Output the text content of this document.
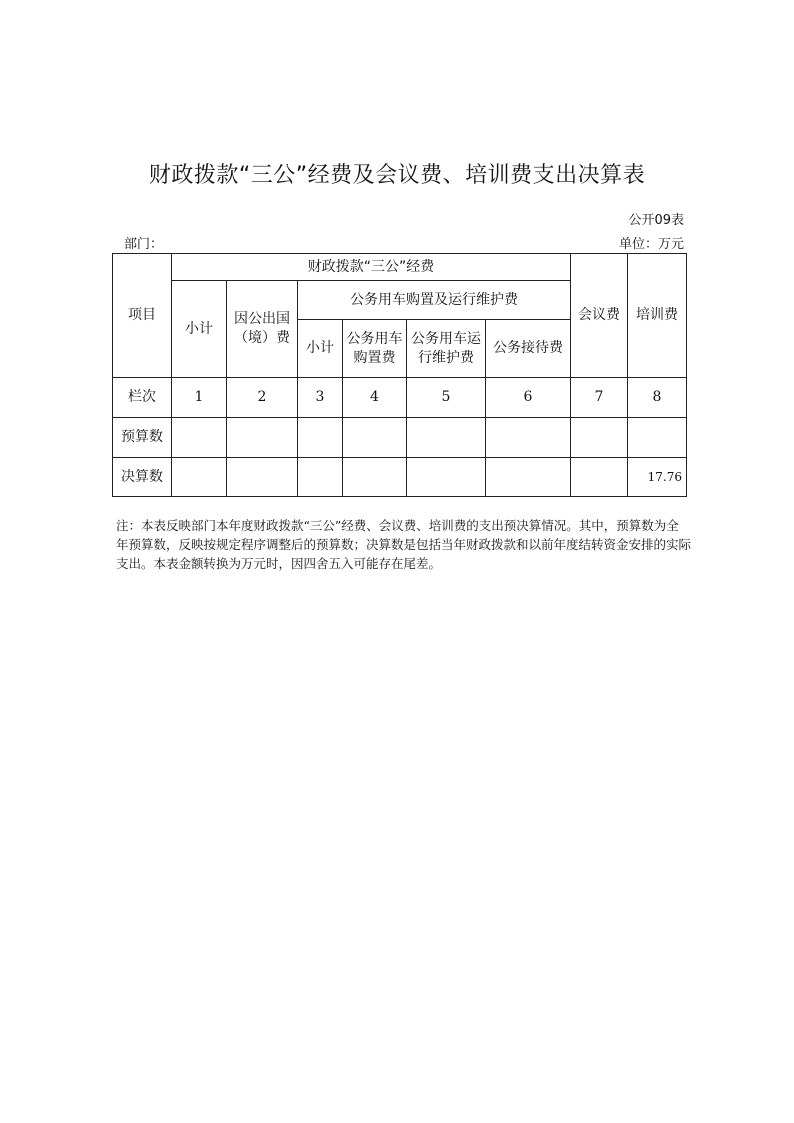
财政拨款“三公”经费及会议费、培训费支出决算表
公开09表
部门：	单位：万元
项目	财政拨款“三公”经费						会议费	培训费
	小计	因公出国（境）费	公务用车购置及运行维护费					
			小计	公务用车购置费	公务用车运行维护费	公务接待费		
栏次	1	2	3	4	5	6	7	8
预算数								
决算数								17.76
注：本表反映部门本年度财政拨款“三公”经费、会议费、培训费的支出预决算情况。其中，预算数为全年预算数，反映按规定程序调整后的预算数；决算数是包括当年财政拨款和以前年度结转资金安排的实际支出。本表金额转换为万元时，因四舍五入可能存在尾差。
